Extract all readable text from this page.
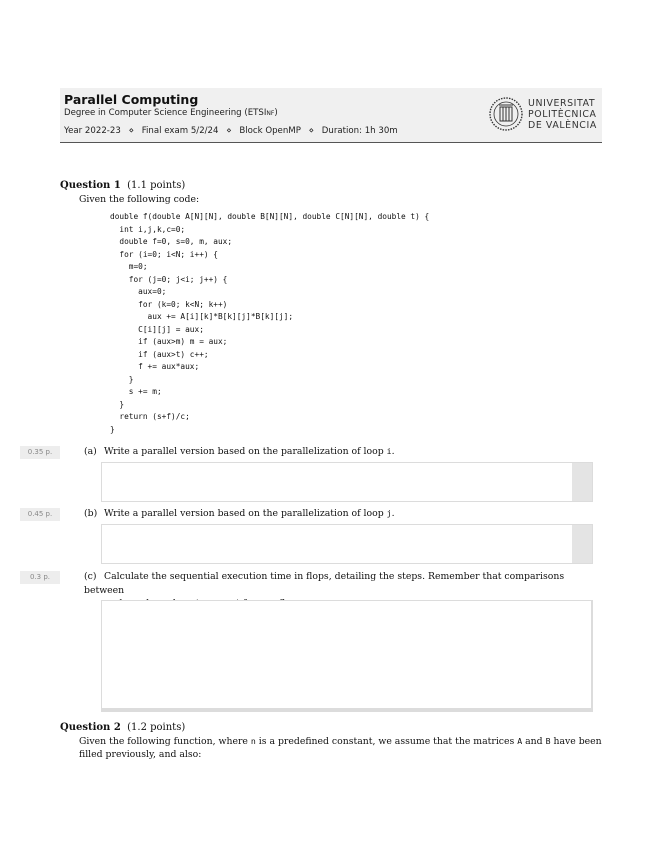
Parallel Computing
Degree in Computer Science Engineering (ETSInf)
Year 2022-23 ⋄ Final exam 5/2/24 ⋄ Block OpenMP ⋄ Duration: 1h 30m
UNIVERSITAT
POLITÈCNICA
DE VALÈNCIA
Question 1 (1.1 points)
Given the following code:
double f(double A[N][N], double B[N][N], double C[N][N], double t) {
int i,j,k,c=0;
double f=0, s=0, m, aux;
for (i=0; i<N; i++) {
m=0;
for (j=0; j<i; j++) {
aux=0;
for (k=0; k<N; k++)
aux += A[i][k]*B[k][j]*B[k][j];
C[i][j] = aux;
if (aux>m) m = aux;
if (aux>t) c++;
f += aux*aux;
}
s += m;
}
return (s+f)/c;
}
0.35 p.	(a) Write a parallel version based on the parallelization of loop i.
0.45 p.	(b) Write a parallel version based on the parallelization of loop j.
0.3 p.	(c) Calculate the sequential execution time in flops, detailing the steps. Remember that comparisons between

Question 2 (1.2 points)
Given the following function, where n is a predefined constant, we assume that the matrices A and B have been
filled previously, and also:
